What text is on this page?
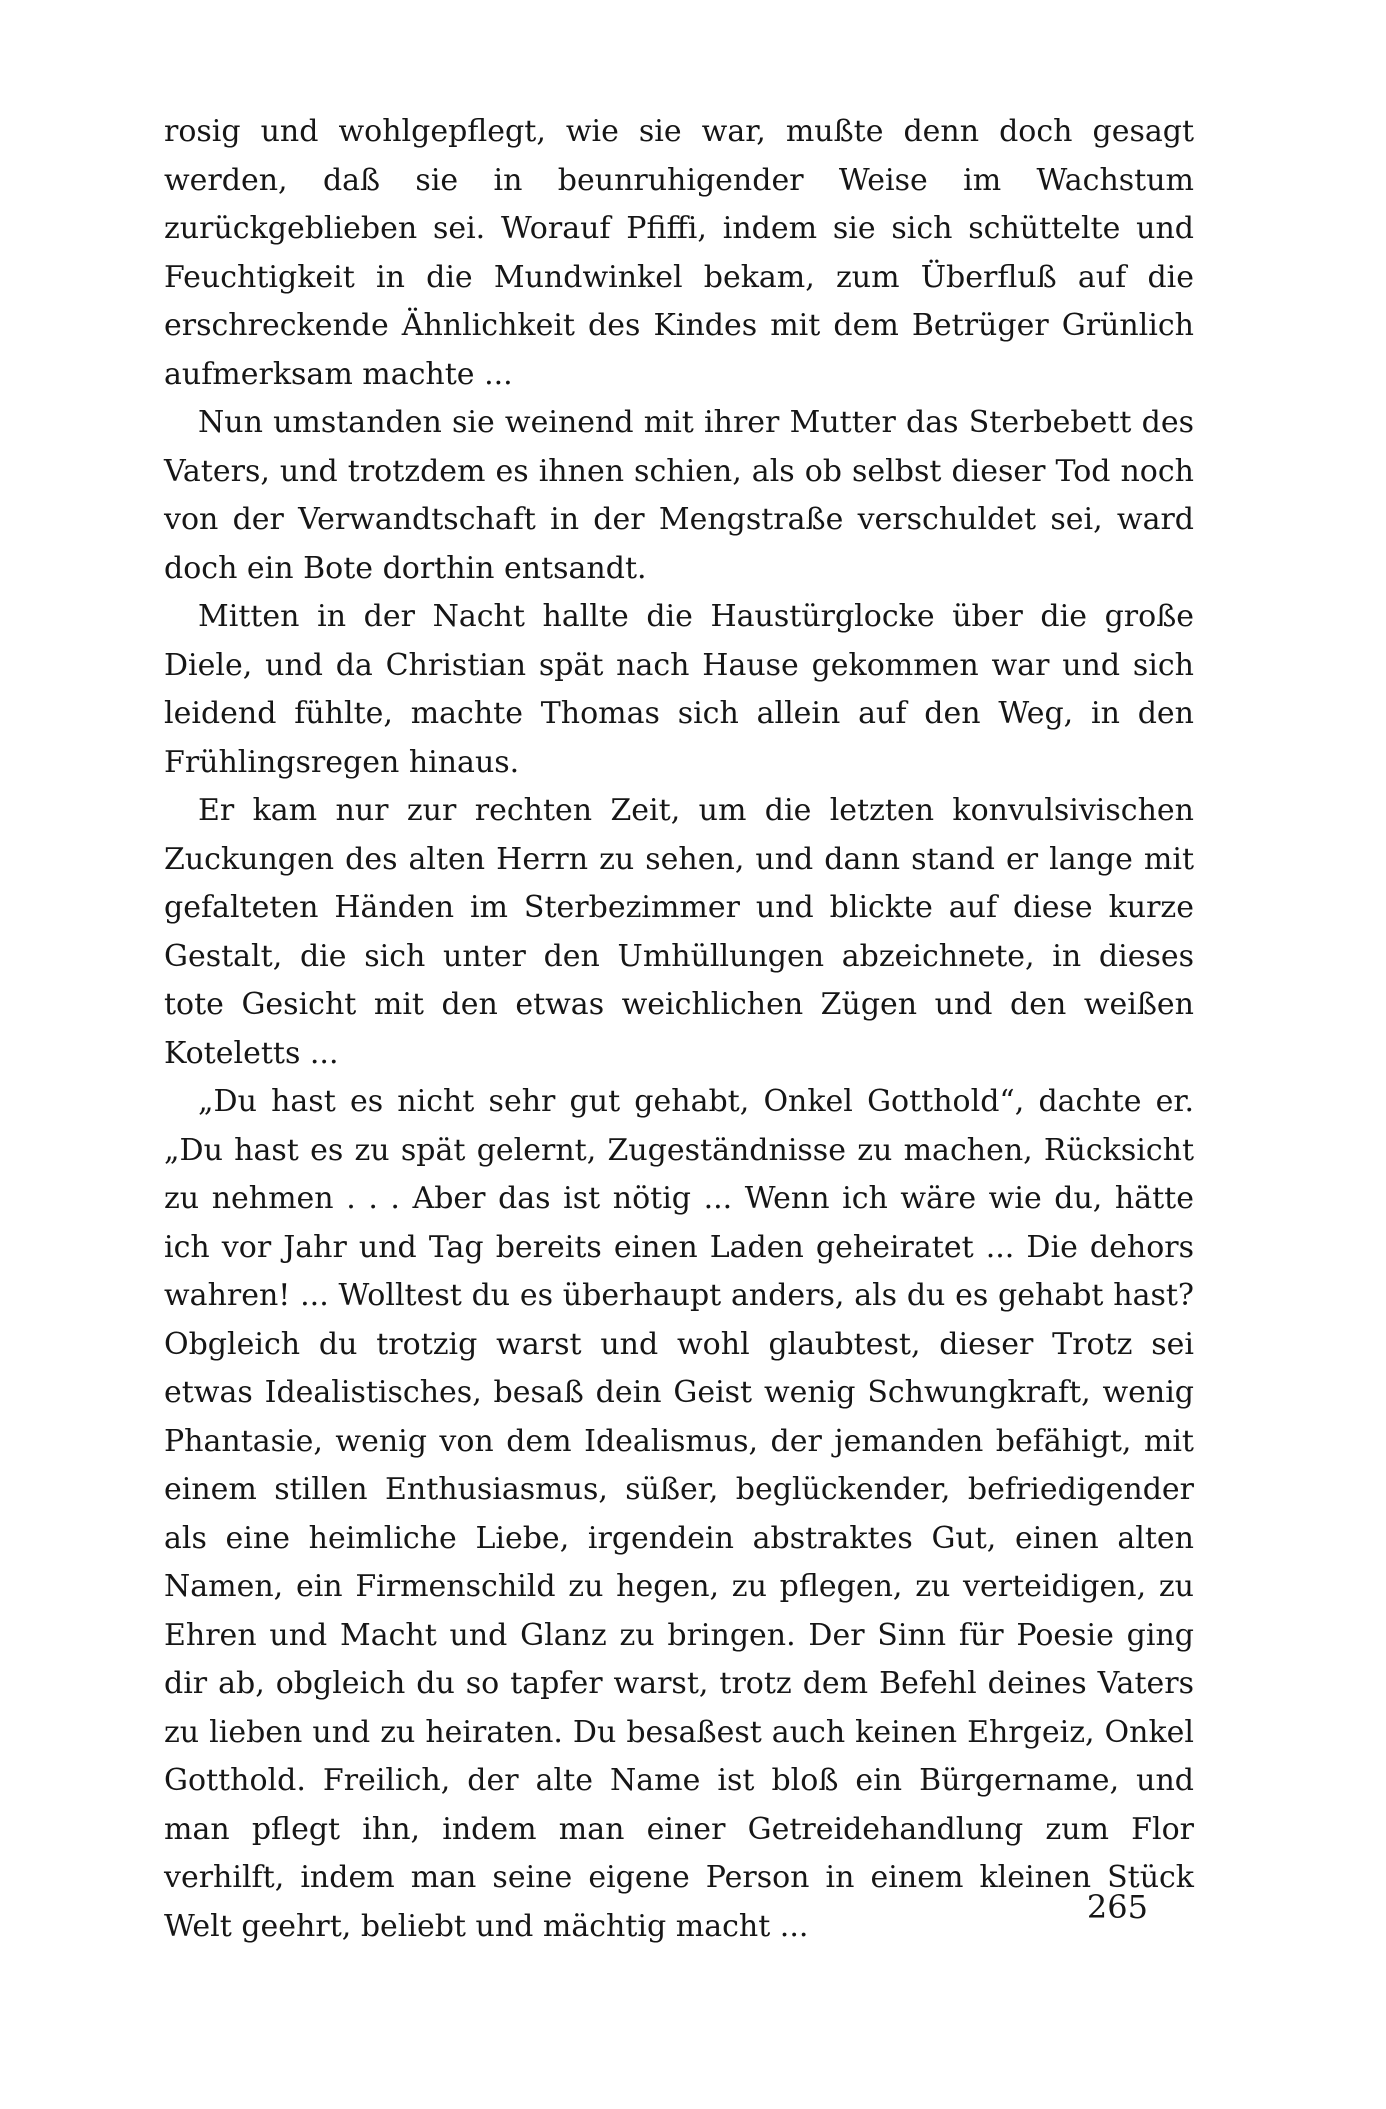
rosig und wohlgepflegt, wie sie war, mußte denn doch gesagt werden, daß sie in beunruhigender Weise im Wachstum zurückgeblieben sei. Worauf Pfiffi, indem sie sich schüttelte und Feuchtigkeit in die Mundwinkel bekam, zum Überfluß auf die erschreckende Ähnlichkeit des Kindes mit dem Betrüger Grünlich aufmerksam machte ...

Nun umstanden sie weinend mit ihrer Mutter das Sterbebett des Vaters, und trotzdem es ihnen schien, als ob selbst dieser Tod noch von der Verwandtschaft in der Mengstraße verschuldet sei, ward doch ein Bote dorthin entsandt.

Mitten in der Nacht hallte die Haustürglocke über die große Diele, und da Christian spät nach Hause gekommen war und sich leidend fühlte, machte Thomas sich allein auf den Weg, in den Frühlingsregen hinaus.

Er kam nur zur rechten Zeit, um die letzten konvulsivischen Zuckungen des alten Herrn zu sehen, und dann stand er lange mit gefalteten Händen im Sterbezimmer und blickte auf diese kurze Gestalt, die sich unter den Umhüllungen abzeichnete, in dieses tote Gesicht mit den etwas weichlichen Zügen und den weißen Koteletts ...

„Du hast es nicht sehr gut gehabt, Onkel Gotthold“, dachte er. „Du hast es zu spät gelernt, Zugeständnisse zu machen, Rücksicht zu nehmen . . . Aber das ist nötig ... Wenn ich wäre wie du, hätte ich vor Jahr und Tag bereits einen Laden geheiratet ... Die dehors wahren! ... Wolltest du es überhaupt anders, als du es gehabt hast? Obgleich du trotzig warst und wohl glaubtest, dieser Trotz sei etwas Idealistisches, besaß dein Geist wenig Schwungkraft, wenig Phantasie, wenig von dem Idealismus, der jemanden befähigt, mit einem stillen Enthusiasmus, süßer, beglückender, befriedigender als eine heimliche Liebe, irgendein abstraktes Gut, einen alten Namen, ein Firmenschild zu hegen, zu pflegen, zu verteidigen, zu Ehren und Macht und Glanz zu bringen. Der Sinn für Poesie ging dir ab, obgleich du so tapfer warst, trotz dem Befehl deines Vaters zu lieben und zu heiraten. Du besaßest auch keinen Ehrgeiz, Onkel Gotthold. Freilich, der alte Name ist bloß ein Bürgername, und man pflegt ihn, indem man einer Getreidehandlung zum Flor verhilft, indem man seine eigene Person in einem kleinen Stück Welt geehrt, beliebt und mächtig macht ...	265
